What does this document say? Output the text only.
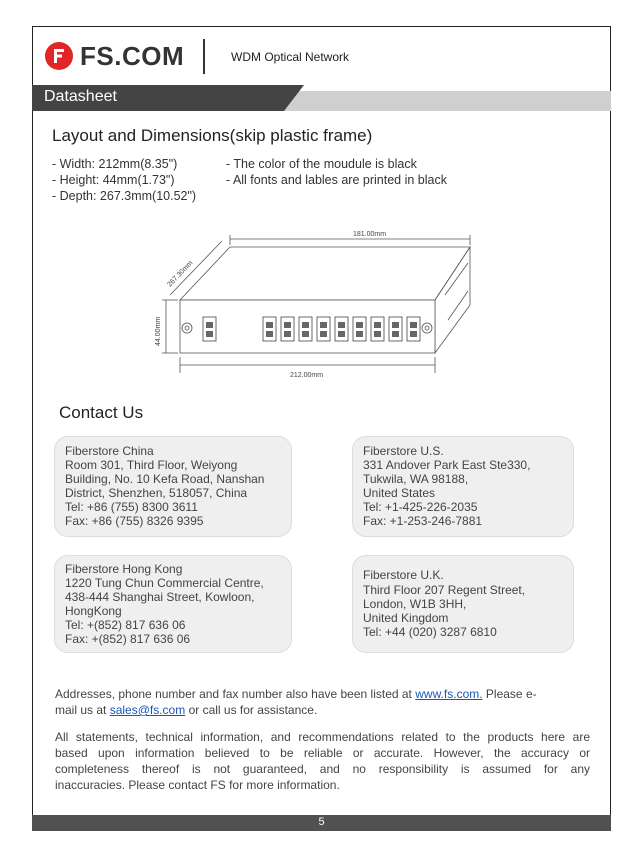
FS.COM	WDM Optical Network
Datasheet
Layout and Dimensions(skip plastic frame)
- Width: 212mm(8.35")
- Height: 44mm(1.73")
- Depth: 267.3mm(10.52")
- The color of the moudule is black
- All fonts and lables are printed in black
181.00mm
267.30mm
44.00mm
212.00mm
Contact Us
Fiberstore China
Room 301, Third Floor, Weiyong
Building, No. 10 Kefa Road, Nanshan
District, Shenzhen, 518057, China
Tel: +86 (755) 8300 3611
Fax: +86 (755) 8326 9395
Fiberstore U.S.
331 Andover Park East Ste330,
Tukwila, WA 98188,
United States
Tel: +1-425-226-2035
Fax: +1-253-246-7881
Fiberstore Hong Kong
1220 Tung Chun Commercial Centre,
438-444 Shanghai Street, Kowloon,
HongKong
Tel: +(852) 817 636 06
Fax: +(852) 817 636 06
Fiberstore U.K.
Third Floor 207 Regent Street,
London, W1B 3HH,
United Kingdom
Tel: +44 (020) 3287 6810
Addresses, phone number and fax number also have been listed at www.fs.com. Please e-
mail us at sales@fs.com or call us for assistance.
All statements, technical information, and recommendations related to the products here are
based upon information believed to be reliable or accurate. However, the accuracy or
completeness thereof is not guaranteed, and no responsibility is assumed for any
inaccuracies. Please contact FS for more information.
5
